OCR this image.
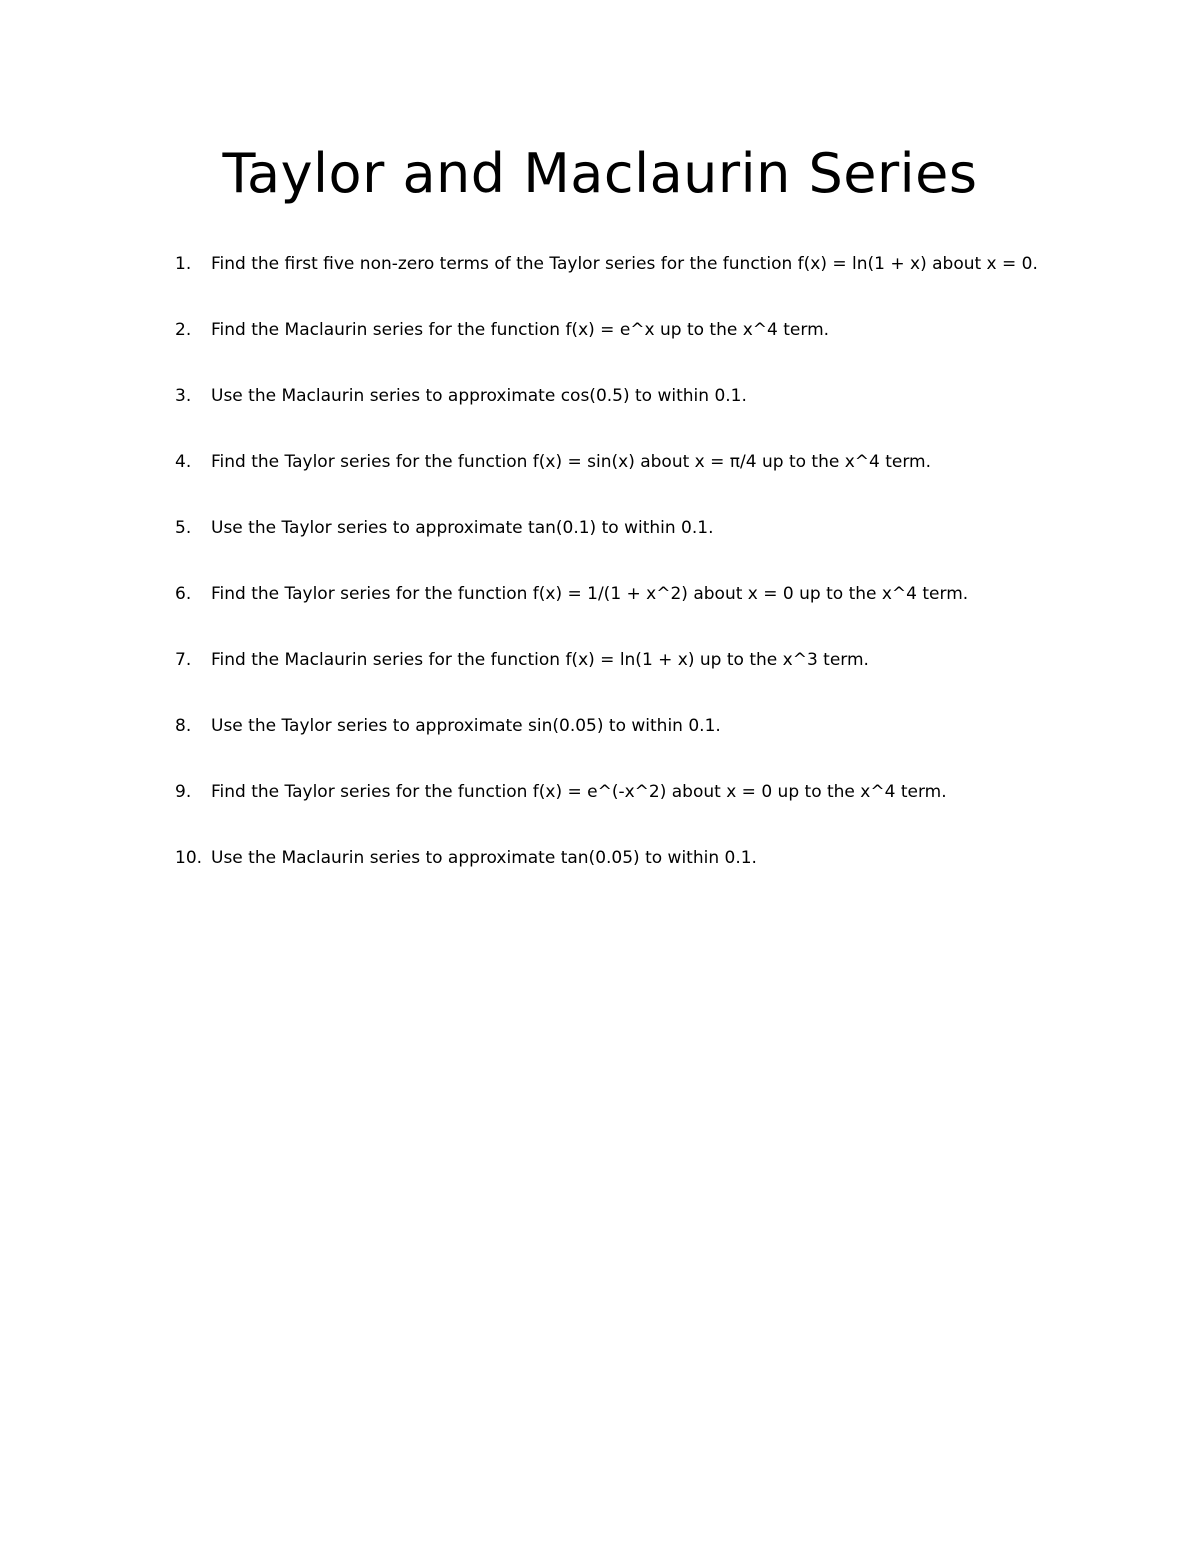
Taylor and Maclaurin Series
1. Find the first five non-zero terms of the Taylor series for the function f(x) = ln(1 + x) about x = 0.
2. Find the Maclaurin series for the function f(x) = e^x up to the x^4 term.
3. Use the Maclaurin series to approximate cos(0.5) to within 0.1.
4. Find the Taylor series for the function f(x) = sin(x) about x = π/4 up to the x^4 term.
5. Use the Taylor series to approximate tan(0.1) to within 0.1.
6. Find the Taylor series for the function f(x) = 1/(1 + x^2) about x = 0 up to the x^4 term.
7. Find the Maclaurin series for the function f(x) = ln(1 + x) up to the x^3 term.
8. Use the Taylor series to approximate sin(0.05) to within 0.1.
9. Find the Taylor series for the function f(x) = e^(-x^2) about x = 0 up to the x^4 term.
10. Use the Maclaurin series to approximate tan(0.05) to within 0.1.
